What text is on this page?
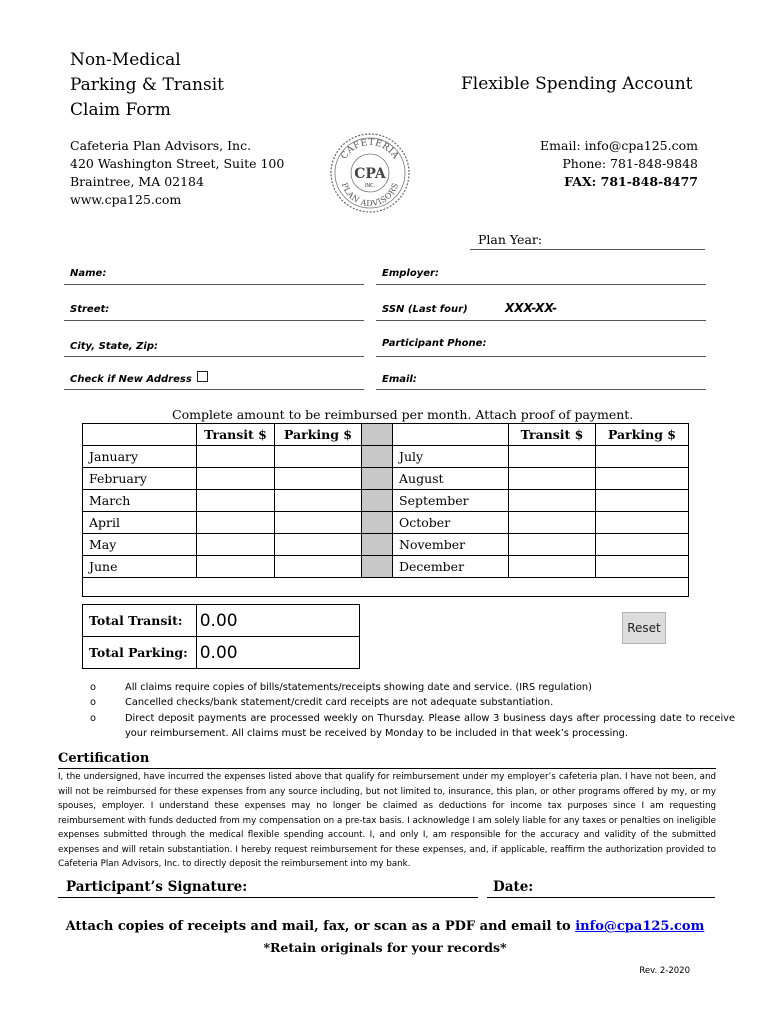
Non-Medical
Parking & Transit
Claim Form
Flexible Spending Account
Cafeteria Plan Advisors, Inc.
420 Washington Street, Suite 100
Braintree, MA 02184
www.cpa125.com
CAFETERIA
PLAN ADVISORS
CPA
INC.
Email: info@cpa125.com
Phone: 781-848-9848
FAX: 781-848-8477
Plan Year:
Name:	Employer:
Street:	SSN (Last four)	XXX-XX-
City, State, Zip:	Participant Phone:
Check if New Address	Email:
Complete amount to be reimbursed per month. Attach proof of payment.
	Transit $	Parking $			Transit $	Parking $
January				July		
February				August		
March				September		
April				October		
May				November		
June				December		

Total Transit:	0.00
Total Parking:	0.00
Reset
o	All claims require copies of bills/statements/receipts showing date and service. (IRS regulation)
o	Cancelled checks/bank statement/credit card receipts are not adequate substantiation.
o	Direct deposit payments are processed weekly on Thursday. Please allow 3 business days after processing date to receive your reimbursement. All claims must be received by Monday to be included in that week’s processing.
Certification
I, the undersigned, have incurred the expenses listed above that qualify for reimbursement under my employer’s cafeteria plan. I have not been, and will not be reimbursed for these expenses from any source including, but not limited to, insurance, this plan, or other programs offered by my, or my spouses, employer. I understand these expenses may no longer be claimed as deductions for income tax purposes since I am requesting reimbursement with funds deducted from my compensation on a pre-tax basis. I acknowledge I am solely liable for any taxes or penalties on ineligible expenses submitted through the medical flexible spending account. I, and only I, am responsible for the accuracy and validity of the submitted expenses and will retain substantiation. I hereby request reimbursement for these expenses, and, if applicable, reaffirm the authorization provided to Cafeteria Plan Advisors, Inc. to directly deposit the reimbursement into my bank.
Participant’s Signature:	Date:
Attach copies of receipts and mail, fax, or scan as a PDF and email to info@cpa125.com
*Retain originals for your records*
Rev. 2-2020
